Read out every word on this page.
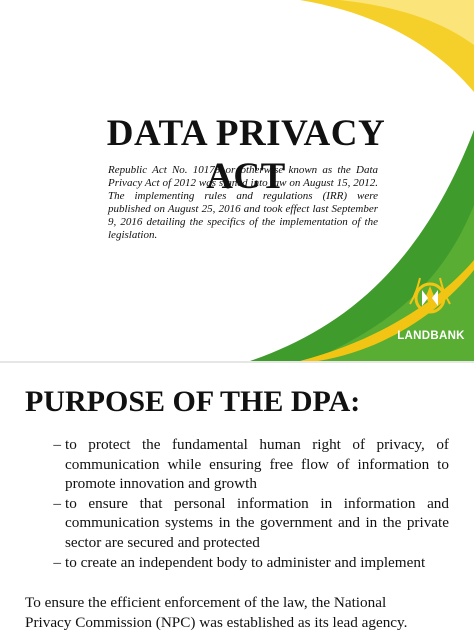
DATA PRIVACY ACT
Republic Act No. 10173 or otherwise known as the Data Privacy Act of 2012 was signed into law on August 15, 2012. The implementing rules and regulations (IRR) were published on August 25, 2016 and took effect last September 9, 2016 detailing the specifics of the implementation of the legislation.
LANDBANK
PURPOSE OF THE DPA:
– to protect the fundamental human right of privacy, of communication while ensuring free flow of information to promote innovation and growth
– to ensure that personal information in information and communication systems in the government and in the private sector are secured and protected
– to create an independent body to administer and implement
To ensure the efficient enforcement of the law, the National
Privacy Commission (NPC) was established as its lead agency.
